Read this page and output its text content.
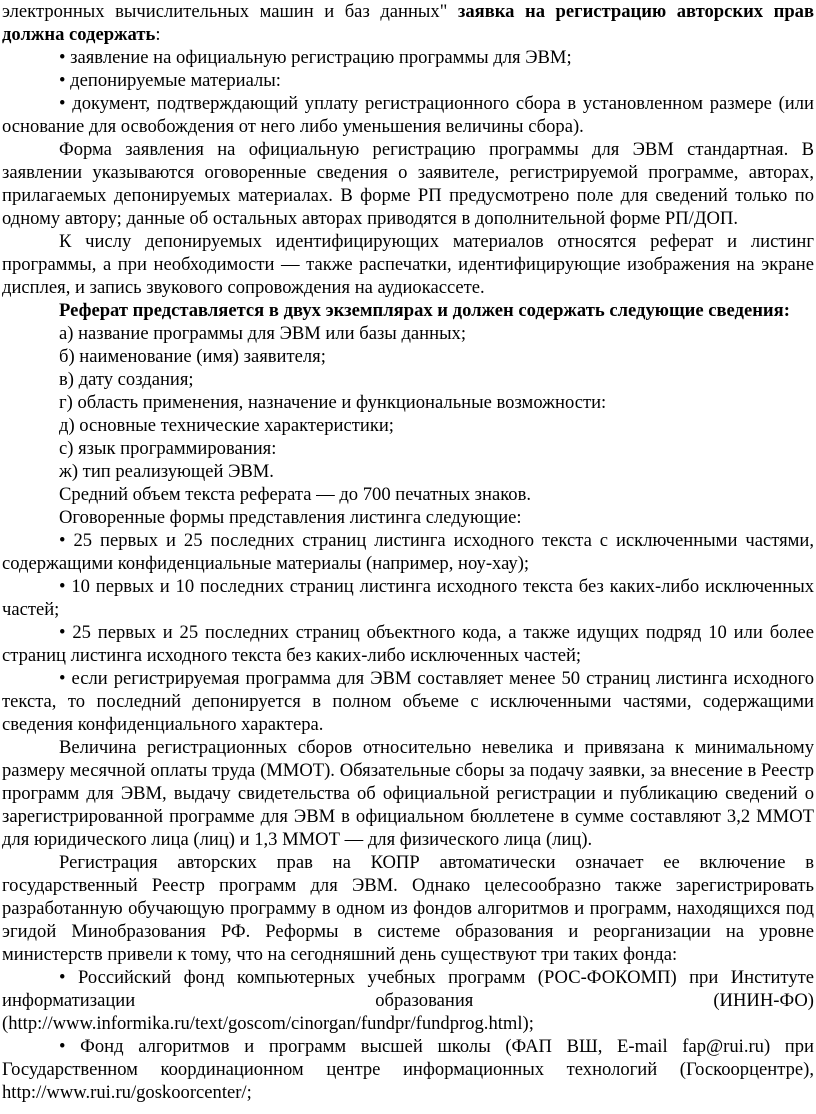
электронных вычислительных машин и баз данных" заявка на регистрацию авторских прав должна содержать:

• заявление на официальную регистрацию программы для ЭВМ;

• депонируемые материалы:

• документ, подтверждающий уплату регистрационного сбора в установленном размере (или основание для освобождения от него либо уменьшения величины сбора).

Форма заявления на официальную регистрацию программы для ЭВМ стандартная. В заявлении указываются оговоренные сведения о заявителе, регистрируемой программе, авторах, прилагаемых депонируемых материалах. В форме РП предусмотрено поле для сведений только по одному автору; данные об остальных авторах приводятся в дополнительной форме РП/ДОП.

К числу депонируемых идентифицирующих материалов относятся реферат и листинг программы, а при необходимости — также распечатки, идентифицирующие изображения на экране дисплея, и запись звукового сопровождения на аудиокассете.

Реферат представляется в двух экземплярах и должен содержать следующие сведения:

а) название программы для ЭВМ или базы данных;

б) наименование (имя) заявителя;

в) дату создания;

г) область применения, назначение и функциональные возможности:

д) основные технические характеристики;

с) язык программирования:

ж) тип реализующей ЭВМ.

Средний объем текста реферата — до 700 печатных знаков.

Оговоренные формы представления листинга следующие:

• 25 первых и 25 последних страниц листинга исходного текста с исключенными частями, содержащими конфиденциальные материалы (например, ноу-хау);

• 10 первых и 10 последних страниц листинга исходного текста без каких-либо исключенных частей;

• 25 первых и 25 последних страниц объектного кода, а также идущих подряд 10 или более страниц листинга исходного текста без каких-либо исключенных частей;

• если регистрируемая программа для ЭВМ составляет менее 50 страниц листинга исходного текста, то последний депонируется в полном объеме с исключенными частями, содержащими сведения конфиденциального характера.

Величина регистрационных сборов относительно невелика и привязана к минимальному размеру месячной оплаты труда (ММОТ). Обязательные сборы за подачу заявки, за внесение в Реестр программ для ЭВМ, выдачу свидетельства об официальной регистрации и публикацию сведений о зарегистрированной программе для ЭВМ в официальном бюллетене в сумме составляют 3,2 ММОТ для юридического лица (лиц) и 1,3 ММОТ — для физического лица (лиц).

Регистрация авторских прав на КОПР автоматически означает ее включение в государственный Реестр программ для ЭВМ. Однако целесообразно также зарегистрировать разработанную обучающую программу в одном из фондов алгоритмов и программ, находящихся под эгидой Минобразования РФ. Реформы в системе образования и реорганизации на уровне министерств привели к тому, что на сегодняшний день существуют три таких фонда:

• Российский фонд компьютерных учебных программ (РОС-ФОКОМП) при Институте информатизации образования (ИНИН-ФО) (http://www.informika.ru/text/goscom/cinorgan/fundpr/fundprog.html);

• Фонд алгоритмов и программ высшей школы (ФАП ВШ, E-mail fap@rui.ru) при Государственном координационном центре информационных технологий (Госкоорцентре), http://www.rui.ru/goskoorcenter/;
